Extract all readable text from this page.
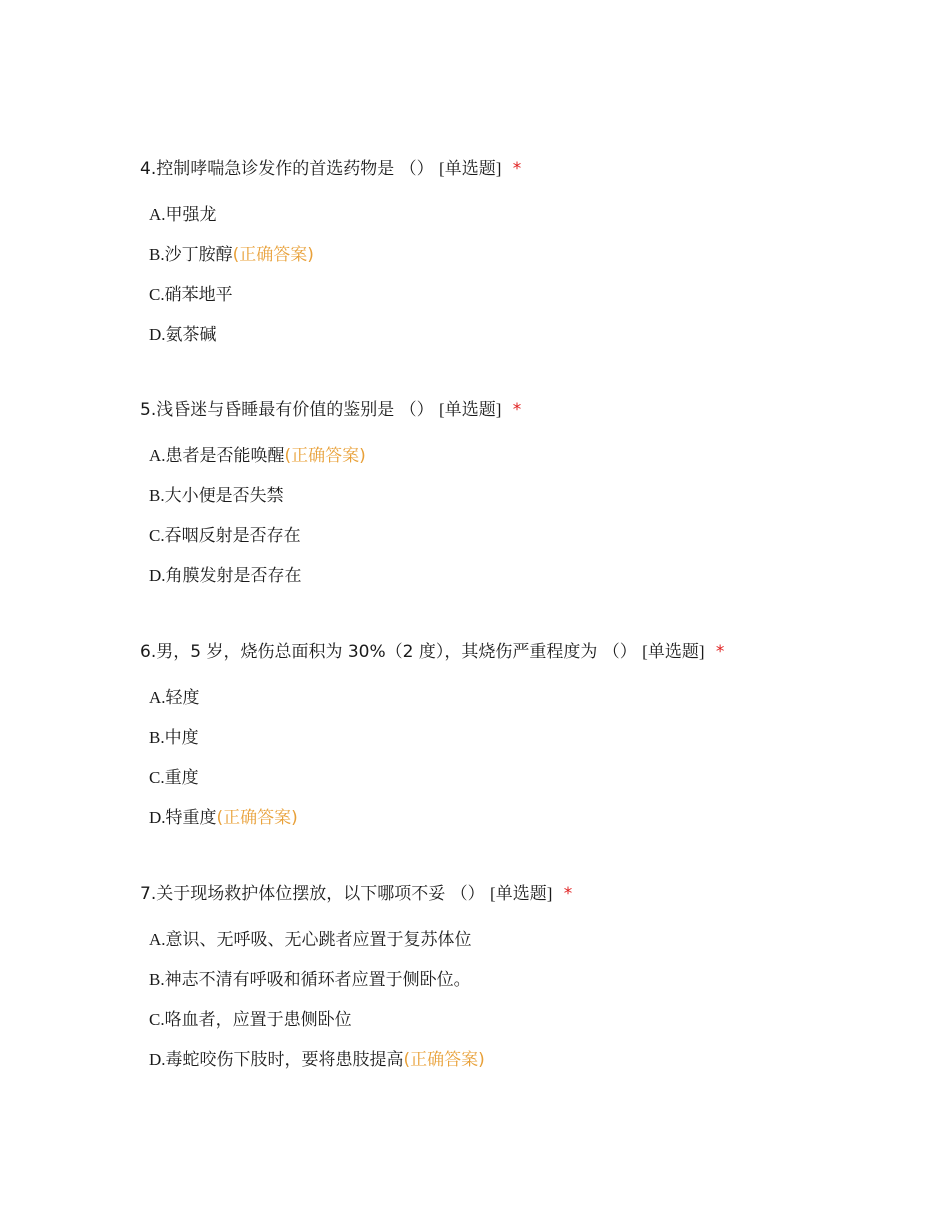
4.控制哮喘急诊发作的首选药物是 （） [单选题] *
A.甲强龙
B.沙丁胺醇(正确答案)
C.硝苯地平
D.氨茶碱
5.浅昏迷与昏睡最有价值的鉴别是 （） [单选题] *
A.患者是否能唤醒(正确答案)
B.大小便是否失禁
C.吞咽反射是否存在
D.角膜发射是否存在
6.男，5 岁，烧伤总面积为 30%（2 度），其烧伤严重程度为 （） [单选题] *
A.轻度
B.中度
C.重度
D.特重度(正确答案)
7.关于现场救护体位摆放，以下哪项不妥 （） [单选题] *
A.意识、无呼吸、无心跳者应置于复苏体位
B.神志不清有呼吸和循环者应置于侧卧位。
C.咯血者，应置于患侧卧位
D.毒蛇咬伤下肢时，要将患肢提高(正确答案)
